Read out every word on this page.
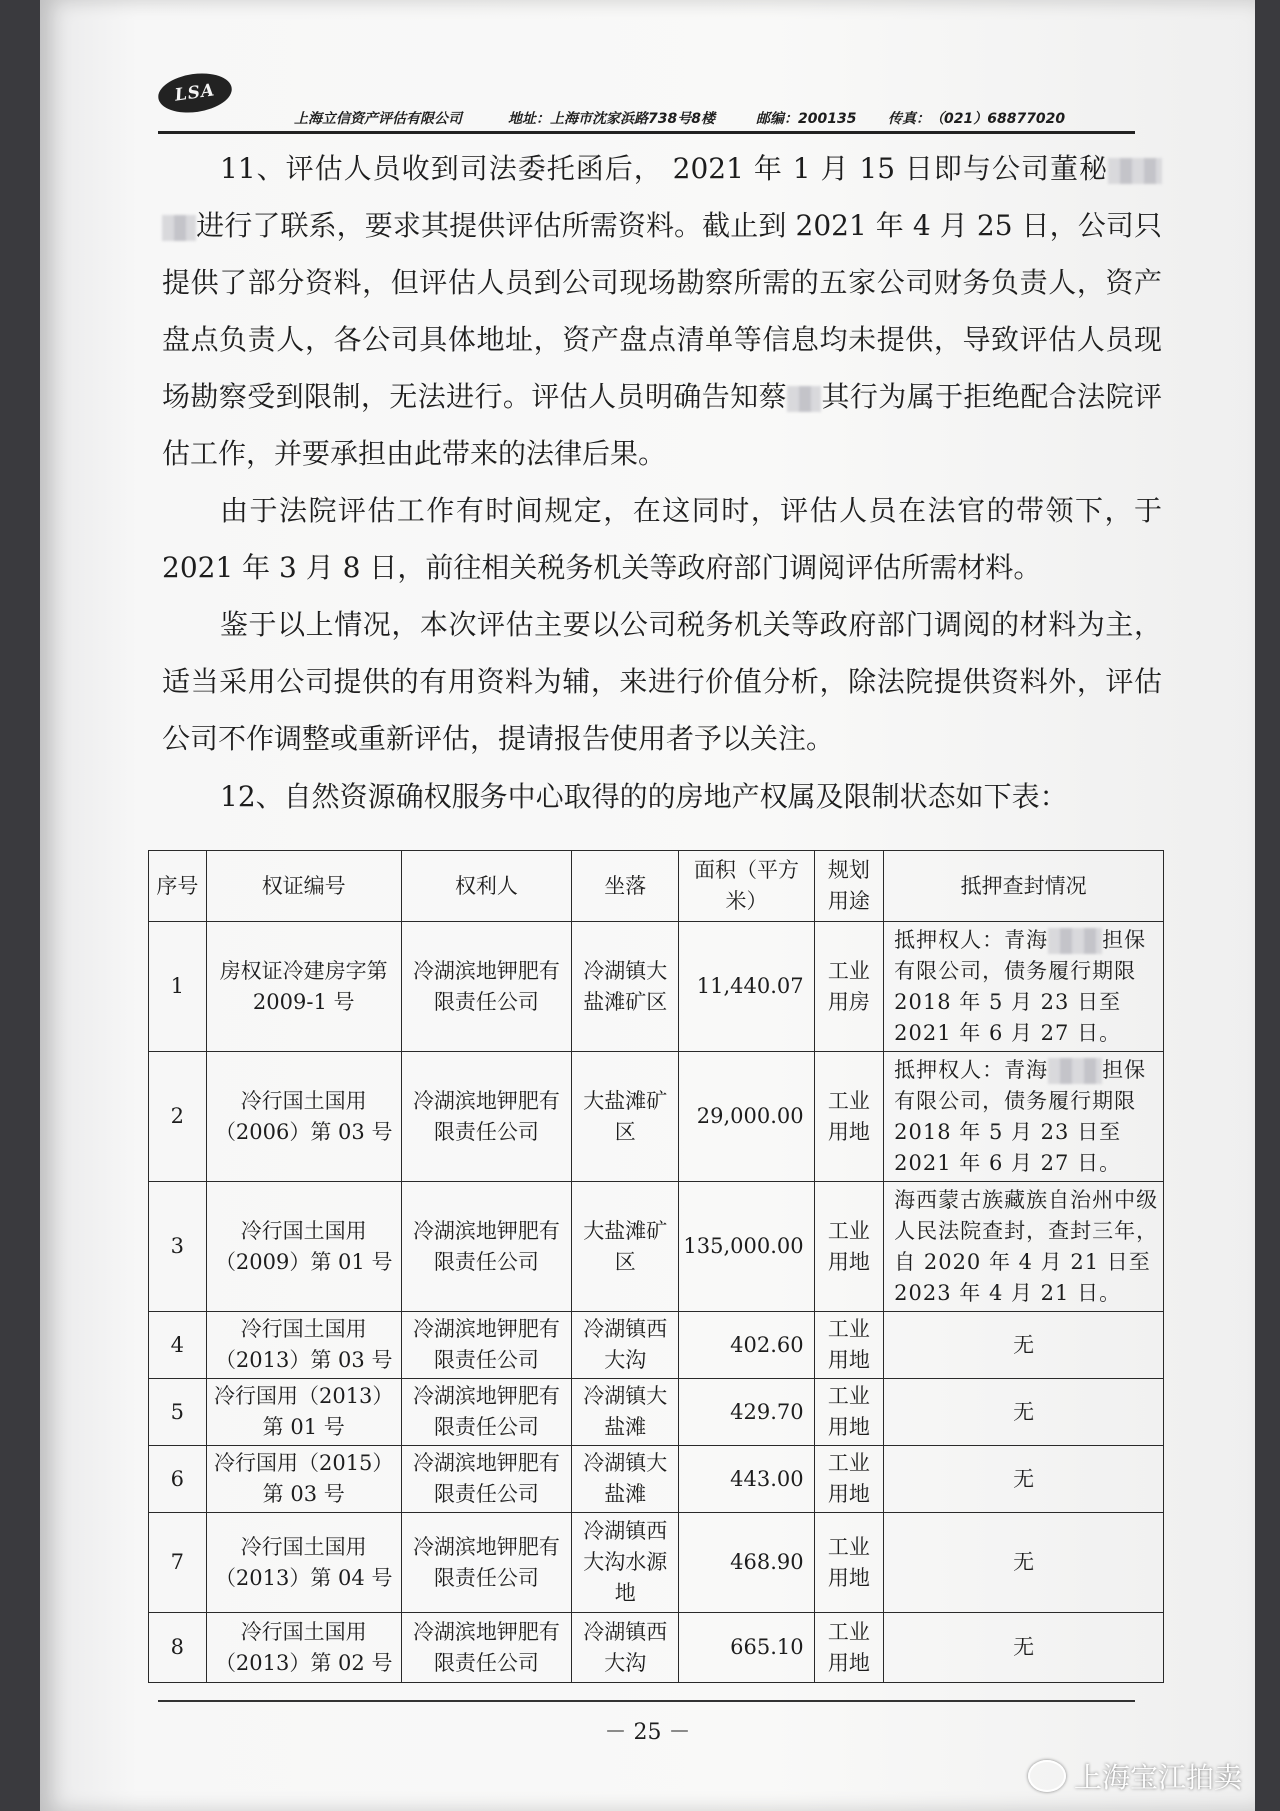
LSA
上海立信资产评估有限公司	地址：上海市沈家浜路738号8楼	邮编：200135 传真：（021）68877020
11、评估人员收到司法委托函后， 2021 年 1 月 15 日即与公司董秘进行了联系，要求其提供评估所需资料。截止到 2021 年 4 月 25 日，公司只提供了部分资料，但评估人员到公司现场勘察所需的五家公司财务负责人，资产盘点负责人，各公司具体地址，资产盘点清单等信息均未提供，导致评估人员现场勘察受到限制，无法进行。评估人员明确告知蔡 其行为属于拒绝配合法院评估工作，并要承担由此带来的法律后果。
由于法院评估工作有时间规定，在这同时，评估人员在法官的带领下，于 2021 年 3 月 8 日，前往相关税务机关等政府部门调阅评估所需材料。
鉴于以上情况，本次评估主要以公司税务机关等政府部门调阅的材料为主，适当采用公司提供的有用资料为辅，来进行价值分析，除法院提供资料外，评估公司不作调整或重新评估，提请报告使用者予以关注。
12、自然资源确权服务中心取得的的房地产权属及限制状态如下表：
序号	权证编号	权利人	坐落	面积（平方米）	规划用途	抵押查封情况
1	房权证冷建房字第 2009-1 号	冷湖滨地钾肥有限责任公司	冷湖镇大盐滩矿区	11,440.07	工业用房	抵押权人：青海 担保有限公司，债务履行期限 2018 年 5 月 23 日至 2021 年 6 月 27 日。
2	冷行国土国用（2006）第 03 号	冷湖滨地钾肥有限责任公司	大盐滩矿区	29,000.00	工业用地	抵押权人：青海 担保有限公司，债务履行期限 2018 年 5 月 23 日至 2021 年 6 月 27 日。
3	冷行国土国用（2009）第 01 号	冷湖滨地钾肥有限责任公司	大盐滩矿区	135,000.00	工业用地	海西蒙古族藏族自治州中级人民法院查封，查封三年，自 2020 年 4 月 21 日至 2023 年 4 月 21 日。
4	冷行国土国用（2013）第 03 号	冷湖滨地钾肥有限责任公司	冷湖镇西大沟	402.60	工业用地	无
5	冷行国用（2013）第 01 号	冷湖滨地钾肥有限责任公司	冷湖镇大盐滩	429.70	工业用地	无
6	冷行国用（2015）第 03 号	冷湖滨地钾肥有限责任公司	冷湖镇大盐滩	443.00	工业用地	无
7	冷行国土国用（2013）第 04 号	冷湖滨地钾肥有限责任公司	冷湖镇西大沟水源地	468.90	工业用地	无
8	冷行国土国用（2013）第 02 号	冷湖滨地钾肥有限责任公司	冷湖镇西大沟	665.10	工业用地	无
－ 25 －
上海宝江拍卖
